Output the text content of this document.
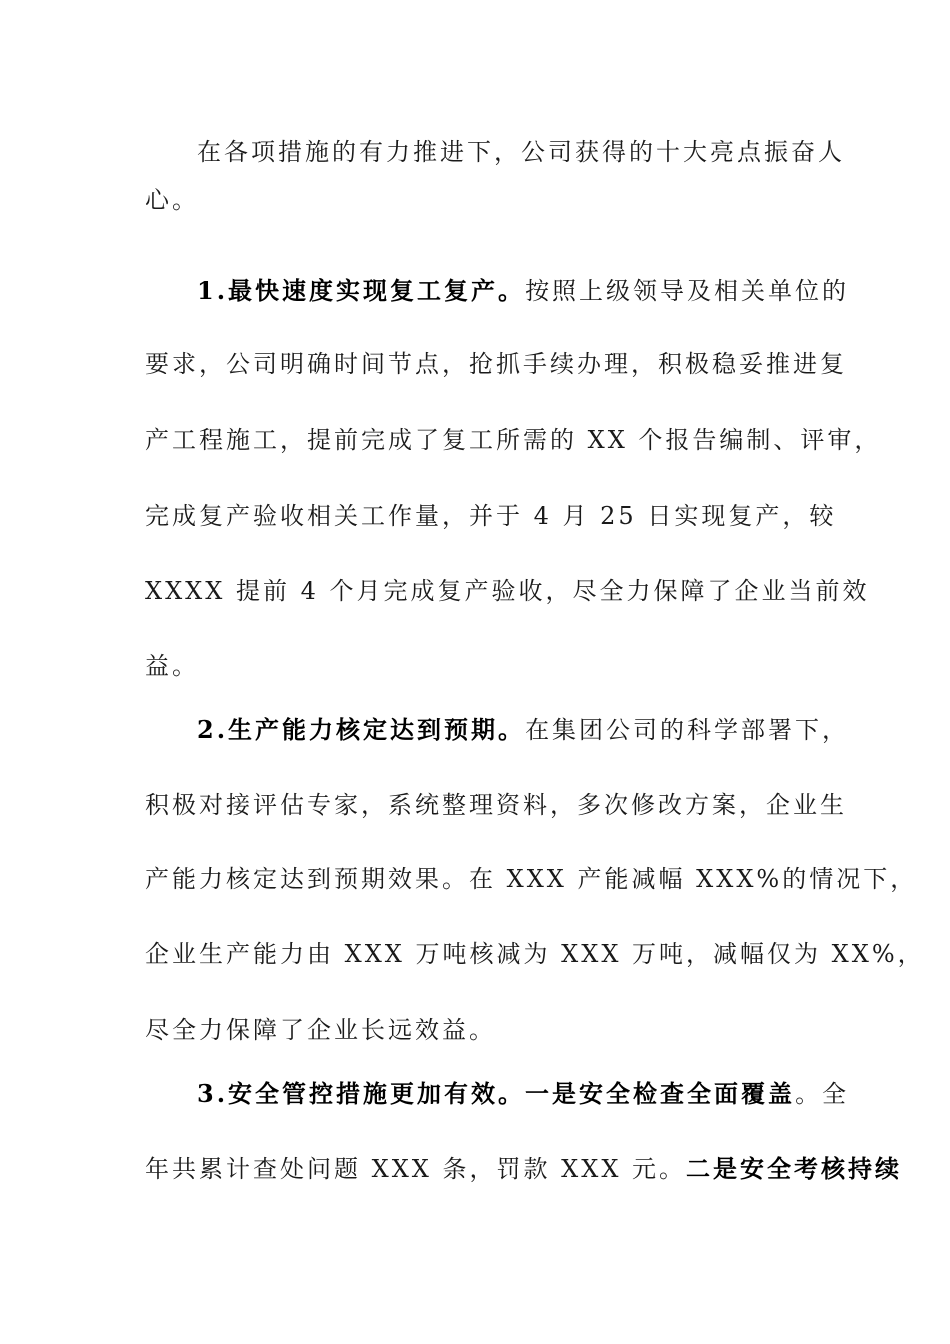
在各项措施的有力推进下，公司获得的十大亮点振奋人
心。
1.最快速度实现复工复产。按照上级领导及相关单位的
要求，公司明确时间节点，抢抓手续办理，积极稳妥推进复
产工程施工，提前完成了复工所需的 XX 个报告编制、评审，
完成复产验收相关工作量，并于 4 月 25 日实现复产，较
XXXX 提前 4 个月完成复产验收，尽全力保障了企业当前效
益。
2.生产能力核定达到预期。在集团公司的科学部署下，
积极对接评估专家，系统整理资料，多次修改方案，企业生
产能力核定达到预期效果。在 XXX 产能减幅 XXX%的情况下，
企业生产能力由 XXX 万吨核减为 XXX 万吨，减幅仅为 XX%，
尽全力保障了企业长远效益。
3.安全管控措施更加有效。一是安全检查全面覆盖。全
年共累计查处问题 XXX 条，罚款 XXX 元。二是安全考核持续
